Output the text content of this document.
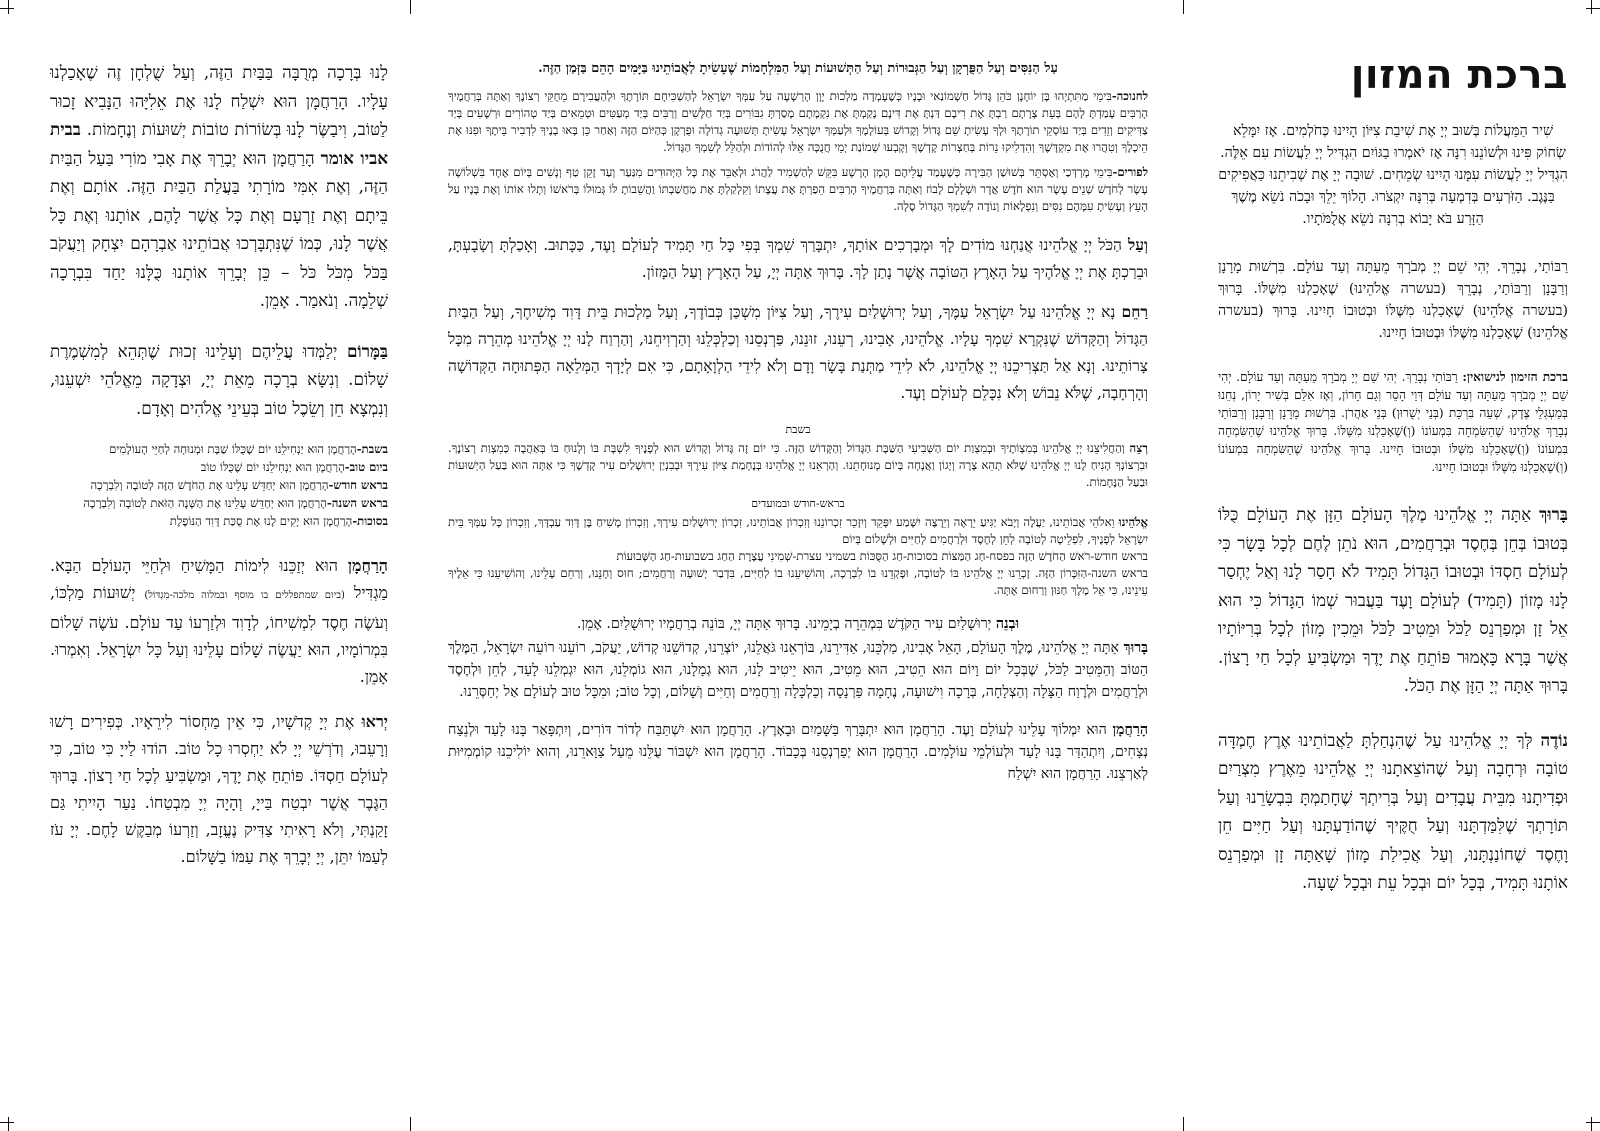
ברכת המזון

שִׁיר הַמַּעֲלוֹת בְּשׁוּב יְיָ אֶת שִׁיבַת צִיּוֹן הָיִינוּ כְּחֹלְמִים. אָז יִמָּלֵא שְׂחוֹק פִּינוּ וּלְשׁוֹנֵנוּ רִנָּה אָז יֹאמְרוּ בַגּוֹיִם הִגְדִּיל יְיָ לַעֲשׂוֹת עִם אֵלֶּה. הִגְדִּיל יְיָ לַעֲשׂוֹת עִמָּנוּ הָיִינוּ שְׂמֵחִים. שׁוּבָה יְיָ אֶת שְׁבִיתֵנוּ כַּאֲפִיקִים בַּנֶּגֶב. הַזֹּרְעִים בְּדִמְעָה בְּרִנָּה יִקְצֹרוּ. הָלוֹךְ יֵלֵךְ וּבָכֹה נֹשֵׂא מֶשֶׁךְ הַזָּרַע בֹּא יָבוֹא בְרִנָּה נֹשֵׂא אֲלֻמֹּתָיו.

רַבּוֹתַי, נְבָרֵךְ. יְהִי שֵׁם יְיָ מְבֹרָךְ מֵעַתָּה וְעַד עוֹלָם. בִּרְשׁוּת מָרָנָן וְרַבָּנָן וְרַבּוֹתַי, נְבָרֵךְ (בעשרה אֱלֹהֵינוּ) שֶׁאָכַלְנוּ מִשֶּׁלּוֹ. בָּרוּךְ (בעשרה אֱלֹהֵינוּ) שֶׁאָכַלְנוּ מִשֶּׁלּוֹ וּבְטוּבוֹ חָיִינוּ. בָּרוּךְ (בעשרה אֱלֹהֵינוּ) שֶׁאָכַלְנוּ מִשֶּׁלּוֹ וּבְטוּבוֹ חָיִינוּ.

ברכת הזימון לנישואין: רַבּוֹתַי נְבָרֵךְ. יְהִי שֵׁם יְיָ מְבֹרָךְ מֵעַתָּה וְעַד עוֹלָם. יְהִי שֵׁם יְיָ מְבֹרָךְ מֵעַתָּה וְעַד עוֹלָם דְּוַי הָסֵר וְגַם חָרוֹן, וְאָז אִלֵּם בְּשִׁיר יָרוֹן, נְחֵנוּ בְּמַעְגְּלֵי צֶדֶק, שְׁעֵה בִּרְכַּת (בְּנֵי יְשֻׁרוּן) בְּנֵי אַהֲרֹן. בִּרְשׁוּת מָרָנָן וְרַבָּנָן וְרַבּוֹתַי נְבָרֵךְ אֱלֹהֵינוּ שֶׁהַשִּׂמְחָה בִּמְעוֹנוֹ (וְ)שֶׁאָכַלְנוּ מִשֶּׁלּוֹ. בָּרוּךְ אֱלֹהֵינוּ שֶׁהַשִּׂמְחָה בִּמְעוֹנוֹ (וְ)שֶׁאָכַלְנוּ מִשֶּׁלּוֹ וּבְטוּבוֹ חָיִינוּ. בָּרוּךְ אֱלֹהֵינוּ שֶׁהַשִּׂמְחָה בִּמְעוֹנוֹ (וְ)שֶׁאָכַלְנוּ מִשֶּׁלּוֹ וּבְטוּבוֹ חָיִינוּ.

בָּרוּךְ אַתָּה יְיָ אֱלֹהֵינוּ מֶלֶךְ הָעוֹלָם הַזָּן אֶת הָעוֹלָם כֻּלּוֹ בְּטוּבוֹ בְּחֵן בְּחֶסֶד וּבְרַחֲמִים, הוּא נֹתֵן לֶחֶם לְכָל בָּשָׂר כִּי לְעוֹלָם חַסְדּוֹ וּבְטוּבוֹ הַגָּדוֹל תָּמִיד לֹא חָסַר לָנוּ וְאַל יֶחְסַר לָנוּ מָזוֹן (תָּמִיד) לְעוֹלָם וָעֶד בַּעֲבוּר שְׁמוֹ הַגָּדוֹל כִּי הוּא אֵל זָן וּמְפַרְנֵס לַכֹּל וּמֵטִיב לַכֹּל וּמֵכִין מָזוֹן לְכָל בְּרִיּוֹתָיו אֲשֶׁר בָּרָא כָּאָמוּר פּוֹתֵחַ אֶת יָדֶךָ וּמַשְׂבִּיעַ לְכָל חַי רָצוֹן. בָּרוּךְ אַתָּה יְיָ הַזָּן אֶת הַכֹּל.

נוֹדֶה לְּךָ יְיָ אֱלֹהֵינוּ עַל שֶׁהִנְחַלְתָּ לַאֲבוֹתֵינוּ אֶרֶץ חֶמְדָּה טוֹבָה וּרְחָבָה וְעַל שֶׁהוֹצֵאתָנוּ יְיָ אֱלֹהֵינוּ מֵאֶרֶץ מִצְרַיִם וּפְדִיתָנוּ מִבֵּית עֲבָדִים וְעַל בְּרִיתְךָ שֶׁחָתַמְתָּ בִּבְשָׂרֵנוּ וְעַל תּוֹרָתְךָ שֶׁלִּמַּדְתָּנוּ וְעַל חֻקֶּיךָ שֶׁהוֹדַעְתָּנוּ וְעַל חַיִּים חֵן וָחֶסֶד שֶׁחוֹנַנְתָּנוּ, וְעַל אֲכִילַת מָזוֹן שָׁאַתָּה זָן וּמְפַרְנֵס אוֹתָנוּ תָּמִיד, בְּכָל יוֹם וּבְכָל עֵת וּבְכָל שָׁעָה.

עַל הַנִּסִּים וְעַל הַפֻּרְקָן וְעַל הַגְּבוּרוֹת וְעַל הַתְּשׁוּעוֹת וְעַל הַמִּלְחָמוֹת שֶׁעָשִׂיתָ לַאֲבוֹתֵינוּ בַּיָּמִים הָהֵם בַּזְּמַן הַזֶּה.

לחנוכה-בִּימֵי מַתִּתְיָהוּ בֶּן יוֹחָנָן כֹּהֵן גָּדוֹל חַשְׁמוֹנַאי וּבָנָיו כְּשֶׁעָמְדָה מַלְכוּת יָוָן הָרְשָׁעָה עַל עַמְּךָ יִשְׂרָאֵל לְהַשְׁכִּיחָם תּוֹרָתֶךָ וּלְהַעֲבִירָם מֵחֻקֵּי רְצוֹנֶךָ וְאַתָּה בְּרַחֲמֶיךָ הָרַבִּים עָמַדְתָּ לָהֶם בְּעֵת צָרָתָם רַבְתָּ אֶת רִיבָם דַּנְתָּ אֶת דִּינָם נָקַמְתָּ אֶת נִקְמָתָם מָסַרְתָּ גִבּוֹרִים בְּיַד חַלָּשִׁים וְרַבִּים בְּיַד מְעַטִּים וּטְמֵאִים בְּיַד טְהוֹרִים וּרְשָׁעִים בְּיַד צַדִּיקִים וְזֵדִים בְּיַד עוֹסְקֵי תוֹרָתֶךָ וּלְךָ עָשִׂיתָ שֵׁם גָּדוֹל וְקָדוֹשׁ בְּעוֹלָמֶךָ וּלְעַמְּךָ יִשְׂרָאֵל עָשִׂיתָ תְּשׁוּעָה גְדוֹלָה וּפֻרְקָן כְּהַיּוֹם הַזֶּה וְאַחַר כֵּן בָּאוּ בָנֶיךָ לִדְבִיר בֵּיתֶךָ וּפִנּוּ אֶת הֵיכָלֶךָ וְטִהֲרוּ אֶת מִקְדָּשֶׁךָ וְהִדְלִיקוּ נֵרוֹת בְּחַצְרוֹת קָדְשֶׁךָ וְקָבְעוּ שְׁמוֹנַת יְמֵי חֲנֻכָּה אֵלּוּ לְהוֹדוֹת וּלְהַלֵּל לְשִׁמְךָ הַגָּדוֹל.

לפורים-בִּימֵי מָרְדְּכַי וְאֶסְתֵּר בְּשׁוּשַׁן הַבִּירָה כְּשֶׁעָמַד עֲלֵיהֶם הָמָן הָרָשָׁע בִּקֵּשׁ לְהַשְׁמִיד לַהֲרֹג וּלְאַבֵּד אֶת כָּל הַיְּהוּדִים מִנַּעַר וְעַד זָקֵן טַף וְנָשִׁים בְּיוֹם אֶחָד בִּשְׁלוֹשָׁה עָשָׂר לְחֹדֶשׁ שְׁנֵים עָשָׂר הוּא חֹדֶשׁ אֲדָר וּשְׁלָלָם לָבוֹז וְאַתָּה בְּרַחֲמֶיךָ הָרַבִּים הֵפַרְתָּ אֶת עֲצָתוֹ וְקִלְקַלְתָּ אֶת מַחֲשַׁבְתּוֹ וַהֲשֵׁבוֹתָ לּוֹ גְּמוּלוֹ בְּרֹאשׁוֹ וְתָלוּ אוֹתוֹ וְאֶת בָּנָיו עַל הָעֵץ וְעָשִׂיתָ עִמָּהֶם נִסִּים וְנִפְלָאוֹת וְנוֹדֶה לְשִׁמְךָ הַגָּדוֹל סֶלָה.

וְעַל הַכֹּל יְיָ אֱלֹהֵינוּ אֲנַחְנוּ מוֹדִים לָךְ וּמְבָרְכִים אוֹתָךְ, יִתְבָּרַךְ שִׁמְךָ בְּפִי כָּל חַי תָּמִיד לְעוֹלָם וָעֶד, כַּכָּתוּב. וְאָכַלְתָּ וְשָׂבָעְתָּ, וּבֵרַכְתָּ אֶת יְיָ אֱלֹהֶיךָ עַל הָאָרֶץ הַטּוֹבָה אֲשֶׁר נָתַן לָךְ. בָּרוּךְ אַתָּה יְיָ, עַל הָאָרֶץ וְעַל הַמָּזוֹן.

רַחֵם נָא יְיָ אֱלֹהֵינוּ עַל יִשְׂרָאֵל עַמֶּךָ, וְעַל יְרוּשָׁלַיִם עִירֶךָ, וְעַל צִיּוֹן מִשְׁכַּן כְּבוֹדֶךָ, וְעַל מַלְכוּת בֵּית דָּוִד מְשִׁיחֶךָ, וְעַל הַבַּיִת הַגָּדוֹל וְהַקָּדוֹשׁ שֶׁנִּקְרָא שִׁמְךָ עָלָיו. אֱלֹהֵינוּ, אָבִינוּ, רְעֵנוּ, זוּנֵנוּ, פַּרְנְסֵנוּ וְכַלְכְּלֵנוּ וְהַרְוִיחֵנוּ, וְהַרְוַח לָנוּ יְיָ אֱלֹהֵינוּ מְהֵרָה מִכָּל צָרוֹתֵינוּ. וְנָא אַל תַּצְרִיכֵנוּ יְיָ אֱלֹהֵינוּ, לֹא לִידֵי מַתְּנַת בָּשָׂר וָדָם וְלֹא לִידֵי הַלְוָאָתָם, כִּי אִם לְיָדְךָ הַמְּלֵאָה הַפְּתוּחָה הַקְּדוֹשָׁה וְהָרְחָבָה, שֶׁלֹּא נֵבוֹשׁ וְלֹא נִכָּלֵם לְעוֹלָם וָעֶד.

בשבת

רְצֵה וְהַחֲלִיצֵנוּ יְיָ אֱלֹהֵינוּ בְּמִצְוֹתֶיךָ וּבְמִצְוַת יוֹם הַשְּׁבִיעִי הַשַּׁבָּת הַגָּדוֹל וְהַקָּדוֹשׁ הַזֶּה. כִּי יוֹם זֶה גָּדוֹל וְקָדוֹשׁ הוּא לְפָנֶיךָ לִשְׁבָּת בּוֹ וְלָנוּחַ בּוֹ בְּאַהֲבָה כְּמִצְוַת רְצוֹנֶךָ. וּבִרְצוֹנְךָ הָנִיחַ לָנוּ יְיָ אֱלֹהֵינוּ שֶׁלֹּא תְהֵא צָרָה וְיָגוֹן וַאֲנָחָה בְּיוֹם מְנוּחָתֵנוּ. וְהַרְאֵנוּ יְיָ אֱלֹהֵינוּ בְּנֶחָמַת צִיּוֹן עִירֶךָ וּבְבִנְיַן יְרוּשָׁלַיִם עִיר קָדְשֶׁךָ כִּי אַתָּה הוּא בַּעַל הַיְשׁוּעוֹת וּבַעַל הַנֶּחָמוֹת.

בראש-חודש ובמועדים

אֱלֹהֵינוּ וֵאלֹהֵי אֲבוֹתֵינוּ, יַעֲלֶה וְיָבֹא יַגִּיעַ יֵרָאֶה וְיֵרָצֶה יִשָּׁמַע יִפָּקֵד וְיִזָּכֵר זִכְרוֹנֵנוּ וְזִכְרוֹן אֲבוֹתֵינוּ, זִכְרוֹן יְרוּשָׁלַיִם עִירָךְ, וְזִכְרוֹן מָשִׁיחַ בֶּן דָּוִד עַבְדָּךְ, וְזִכְרוֹן כָּל עַמְּךָ בֵּית יִשְׂרָאֵל לְפָנֶיךָ, לִפְלֵיטָה לְטוֹבָה לְחֵן לְחֶסֶד וּלְרַחֲמִים לְחַיִּים וּלְשָׁלוֹם בְּיוֹם

בראש חודש-רֹאשׁ הַחֹדֶשׁ הַזֶּה בפסח-חַג הַמַּצּוֹת בסוכות-חַג הַסֻּכּוֹת בשמיני עצרת-שְׁמִינִי עֲצֶרֶת הַחַג בשבועות-חַג הַשָּׁבוּעוֹת

בראש השנה-הַזִּכָּרוֹן הַזֶּה. זָכְרֵנוּ יְיָ אֱלֹהֵינוּ בּוֹ לְטוֹבָה, וּפָקְדֵנוּ בוֹ לִבְרָכָה, וְהוֹשִׁיעֵנוּ בוֹ לְחַיִּים, בִּדְבַר יְשׁוּעָה וְרַחֲמִים; חוּס וְחָנֵּנוּ, וְרַחֵם עָלֵינוּ, וְהוֹשִׁיעֵנוּ כִּי אֵלֶיךָ עֵינֵינוּ, כִּי אֵל מֶלֶךְ חַנּוּן וְרַחוּם אָתָּה.

וּבְנֵה יְרוּשָׁלַיִם עִיר הַקֹּדֶשׁ בִּמְהֵרָה בְיָמֵינוּ. בָּרוּךְ אַתָּה יְיָ, בּוֹנֵה בְרַחֲמָיו יְרוּשָׁלַיִם. אָמֵן.

בָּרוּךְ אַתָּה יְיָ אֱלֹהֵינוּ, מֶלֶךְ הָעוֹלָם, הָאֵל אָבִינוּ, מַלְכֵּנוּ, אַדִּירֵנוּ, בּוֹרְאֵנוּ גֹּאֲלֵנוּ, יוֹצְרֵנוּ, קְדוֹשֵׁנוּ קְדוֹשׁ, יַעֲקֹב, רוֹעֵנוּ רוֹעֵה יִשְׂרָאֵל, הַמֶּלֶךְ הַטּוֹב וְהַמֵּטִיב לַכֹּל, שֶׁבְּכָל יוֹם וָיוֹם הוּא הֵטִיב, הוּא מֵטִיב, הוּא יֵיטִיב לָנוּ, הוּא גְמָלָנוּ, הוּא גוֹמְלֵנוּ, הוּא יִגְמְלֵנוּ לָעַד, לְחֵן וּלְחֶסֶד וּלְרַחֲמִים וּלְרֶוַח הַצָּלָה וְהַצְלָחָה, בְּרָכָה וִישׁוּעָה, נֶחָמָה פַּרְנָסָה וְכַלְכָּלָה וְרַחֲמִים וְחַיִּים וְשָׁלוֹם, וְכָל טוֹב; וּמִכָּל טוּב לְעוֹלָם אַל יְחַסְּרֵנוּ.

הָרַחֲמָן הוּא יִמְלוֹךְ עָלֵינוּ לְעוֹלָם וָעֶד. הָרַחֲמָן הוּא יִתְבָּרַךְ בַּשָּׁמַיִם וּבָאָרֶץ. הָרַחֲמָן הוּא יִשְׁתַּבַּח לְדוֹר דּוֹרִים, וְיִתְפָּאַר בָּנוּ לָעַד וּלְנֵצַח נְצָחִים, וְיִתְהַדַּר בָּנוּ לָעַד וּלְעוֹלְמֵי עוֹלָמִים. הָרַחֲמָן הוּא יְפַרְנְסֵנוּ בְּכָבוֹד. הָרַחֲמָן הוּא יִשְׁבּוֹר עֻלֵּנוּ מֵעַל צַוָּארֵנוּ, וְהוּא יוֹלִיכֵנוּ קוֹמְמִיּוּת לְאַרְצֵנוּ. הָרַחֲמָן הוּא יִשְׁלַח

לָנוּ בְּרָכָה מְרֻבָּה בַּבַּיִת הַזֶּה, וְעַל שֻׁלְחָן זֶה שֶׁאָכַלְנוּ עָלָיו. הָרַחֲמָן הוּא יִשְׁלַח לָנוּ אֶת אֵלִיָּהוּ הַנָּבִיא זָכוּר לַטּוֹב, וִיבַשֶּׂר לָנוּ בְּשׂוֹרוֹת טוֹבוֹת יְשׁוּעוֹת וְנֶחָמוֹת. בבית אביו אומר הָרַחֲמָן הוּא יְבָרֵךְ אֶת אָבִי מוֹרִי בַּעַל הַבַּיִת הַזֶּה, וְאֶת אִמִּי מוֹרָתִי בַּעֲלַת הַבַּיִת הַזֶּה. אוֹתָם וְאֶת בֵּיתָם וְאֶת זַרְעָם וְאֶת כָּל אֲשֶׁר לָהֶם, אוֹתָנוּ וְאֶת כָּל אֲשֶׁר לָנוּ, כְּמוֹ שֶׁנִּתְבָּרְכוּ אֲבוֹתֵינוּ אַבְרָהָם יִצְחָק וְיַעֲקֹב בַּכֹּל מִכֹּל כֹּל – כֵּן יְבָרֵךְ אוֹתָנוּ כֻּלָּנוּ יַחַד בִּבְרָכָה שְׁלֵמָה. וְנֹאמַר. אָמֵן.

בַּמָּרוֹם יְלַמְּדוּ עֲלֵיהֶם וְעָלֵינוּ זְכוּת שֶׁתְּהֵא לְמִשְׁמֶרֶת שָׁלוֹם. וְנִשָּׂא בְרָכָה מֵאֵת יְיָ, וּצְדָקָה מֵאֱלֹהֵי יִשְׁעֵנוּ, וְנִמְצָא חֵן וְשֵׂכֶל טוֹב בְּעֵינֵי אֱלֹהִים וְאָדָם.

בשבת-הָרַחֲמָן הוּא יַנְחִילֵנוּ יוֹם שֶׁכֻּלּוֹ שַׁבָּת וּמְנוּחָה לְחַיֵּי הָעוֹלָמִים

ביום טוב-הָרַחֲמָן הוּא יַנְחִילֵנוּ יוֹם שֶׁכֻּלּוֹ טוֹב

בראש חודש-הָרַחֲמָן הוּא יְחַדֵּשׁ עָלֵינוּ אֶת הַחֹדֶשׁ הַזֶּה לְטוֹבָה וְלִבְרָכָה

בראש השנה-הָרַחֲמָן הוּא יְחַדֵּשׁ עָלֵינוּ אֶת הַשָּׁנָה הַזֹּאת לְטוֹבָה וְלִבְרָכָה

בסוכות-הָרַחֲמָן הוּא יָקִים לָנוּ אֶת סֻכַּת דָּוִד הַנּוֹפֶלֶת

הָרַחֲמָן הוּא יְזַכֵּנוּ לִימוֹת הַמָּשִׁיחַ וּלְחַיֵּי הָעוֹלָם הַבָּא. מַגְדִּיל (ביום שמתפללים בו מוסף ובמלוה מלכה-מִגְדּוֹל) יְשׁוּעוֹת מַלְכּוֹ, וְעֹשֶׂה חֶסֶד לִמְשִׁיחוֹ, לְדָוִד וּלְזַרְעוֹ עַד עוֹלָם. עֹשֶׂה שָׁלוֹם בִּמְרוֹמָיו, הוּא יַעֲשֶׂה שָׁלוֹם עָלֵינוּ וְעַל כָּל יִשְׂרָאֵל. וְאִמְרוּ. אָמֵן.

יְראוּ אֶת יְיָ קְדֹשָׁיו, כִּי אֵין מַחְסוֹר לִירֵאָיו. כְּפִירִים רָשׁוּ וְרָעֵבוּ, וְדֹרְשֵׁי יְיָ לֹא יַחְסְרוּ כָל טוֹב. הוֹדוּ לַייָ כִּי טוֹב, כִּי לְעוֹלָם חַסְדּוֹ. פּוֹתֵחַ אֶת יָדֶךָ, וּמַשְׂבִּיעַ לְכָל חַי רָצוֹן. בָּרוּךְ הַגֶּבֶר אֲשֶׁר יִבְטַח בַּייָ, וְהָיָה יְיָ מִבְטַחוֹ. נַעַר הָיִיתִי גַּם זָקַנְתִּי, וְלֹא רָאִיתִי צַדִּיק נֶעֱזָב, וְזַרְעוֹ מְבַקֶּשׁ לָחֶם. יְיָ עֹז לְעַמּוֹ יִתֵּן, יְיָ יְבָרֵךְ אֶת עַמּוֹ בַשָּׁלוֹם.
